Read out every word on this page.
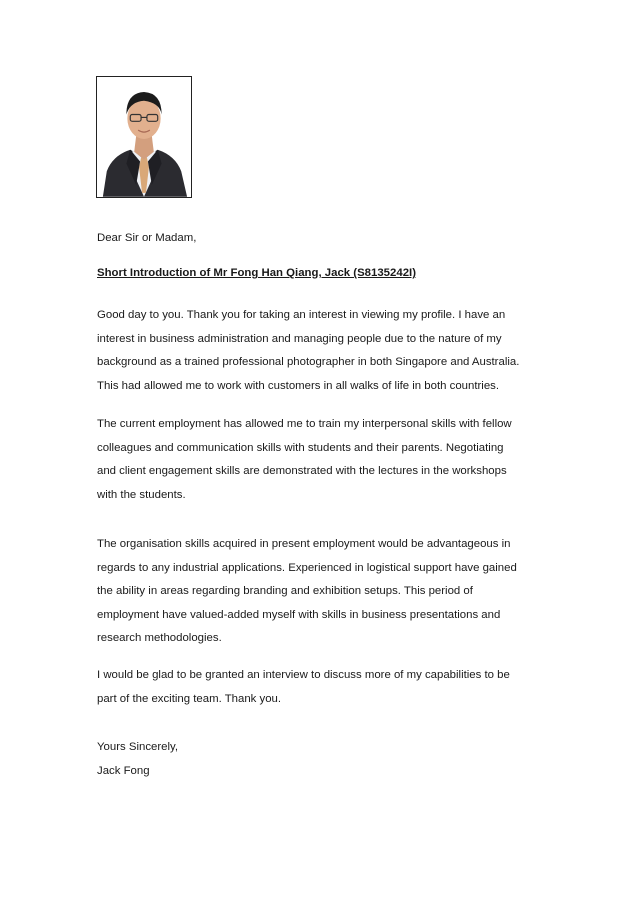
Dear Sir or Madam,

Short Introduction of Mr Fong Han Qiang, Jack (S8135242I)

Good day to you. Thank you for taking an interest in viewing my profile. I have an
interest in business administration and managing people due to the nature of my
background as a trained professional photographer in both Singapore and Australia.
This had allowed me to work with customers in all walks of life in both countries.

The current employment has allowed me to train my interpersonal skills with fellow
colleagues and communication skills with students and their parents. Negotiating
and client engagement skills are demonstrated with the lectures in the workshops
with the students.

The organisation skills acquired in present employment would be advantageous in
regards to any industrial applications. Experienced in logistical support have gained
the ability in areas regarding branding and exhibition setups. This period of
employment have valued-added myself with skills in business presentations and
research methodologies.

I would be glad to be granted an interview to discuss more of my capabilities to be
part of the exciting team. Thank you.

Yours Sincerely,

Jack Fong
